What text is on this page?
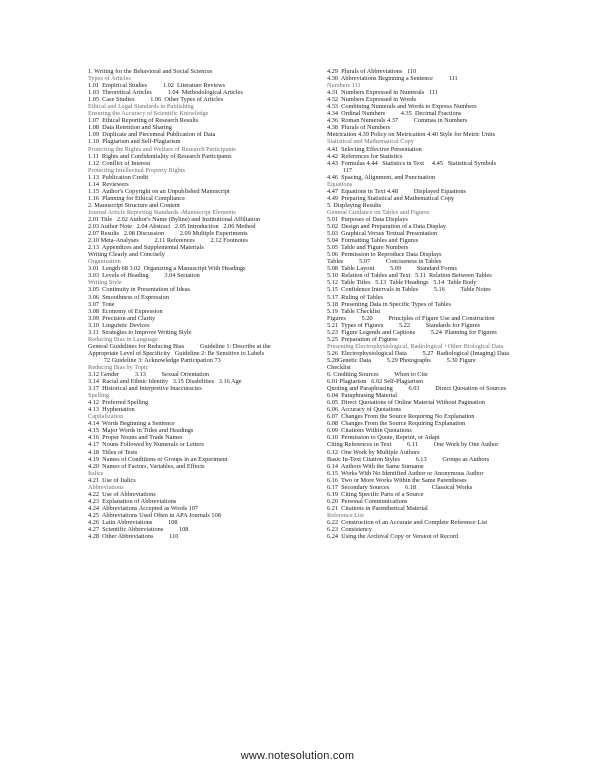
1. Writing for the Behavioral and Social Sciences
Types of Articles
1.01  Empirical Studies          1.02  Literature Reviews
1.03  Theoretical Articles          1.04  Methodological Articles
1.05  Case Studies          1.06  Other Types of Articles
Ethical and Legal Standards in Publishing
Ensuring the Accuracy of Scientific Knowledge
1.07  Ethical Reporting of Research Results
1.08  Data Retention and Sharing
1.09  Duplicate and Piecemeal Publication of Data
1.10  Plagiarism and Self-Plagiarism
Protecting the Rights and Welfare of Research Participants
1.11  Rights and Confidentiality of Research Participants
1.12  Conflict of Interest
Protecting Intellectual Property Rights
1.13  Publication Credit
1.14  Reviewers
1.15  Author's Copyright on an Unpublished Manuscript
1.16  Planning for Ethical Compliance
2. Manuscript Structure and Content
Journal Article Reporting Standards -Manuscript Elements
2.01 Title   2.02 Author's Name (Byline) and Institutional Affiliation
2.03 Author Note   2.04 Abstract   2.05 Introduction   2.06 Method
2.07 Results   2.08 Discussion          2.09 Multiple Experiments
2.10 Meta-Analyses          2.11 References          2.12 Footnotes
2.13  Appendices and Supplemental Materials
Writing Clearly and Concisely
Organization
3.01  Length 68 3.02  Organizing a Manuscript With Headings
3.03  Levels of Heading          3.04 Seriation
Writing Style
3.05  Continuity in Presentation of Ideas
3.06  Smoothness of Expression
3.07  Tone
3.08  Economy of Expression
3.09  Precision and Clarity
3.10  Linguistic Devices
3.11  Strategies to Improve Writing Style
Reducing Bias in Language
General Guidelines for Reducing Bias          Guideline 1: Describe at the
Appropriate Level of Specificity   Guideline 2: Be Sensitive to Labels
72 Guideline 3: Acknowledge Participation 73
Reducing Bias by Topic
3.12 Gender          3.13          Sexual Orientation
3.14  Racial and Ethnic Identity   3.15 Disabilities   3.16 Age
3.17  Historical and Interpretive Inaccuracies
Spelling
4.12  Preferred Spelling
4.13  Hyphenation
Capitalization
4.14  Words Beginning a Sentence
4.15  Major Words in Titles and Headings
4.16  Proper Nouns and Trade Names
4.17  Nouns Followed by Numerals or Letters
4.18  Titles of Tests
4.19  Names of Conditions or Groups in an Experiment
4.20  Names of Factors, Variables, and Effects
Italics
4.21  Use of Italics
Abbreviations
4.22  Use of Abbreviations
4.23  Explanation of Abbreviations
4.24  Abbreviations Accepted as Words 107
4.25  Abbreviations Used Often in APA Journals 108
4.26  Latin Abbreviations          108
4.27  Scientific Abbreviations          108
4.28  Other Abbreviations          110
4.29  Plurals of Abbreviations   110
4.30  Abbreviations Beginning a Sentence          111
Numbers 111
4.31  Numbers Expressed in Numerals   111
4.32  Numbers Expressed in Words
4.33  Combining Numerals and Words to Express Numbers
4.34  Ordinal Numbers          4.35  Decimal Fractions
4.36  Roman Numerals 4.37          Commas in Numbers
4.38  Plurals of Numbers
Metrication 4.39 Policy on Metrication 4.40 Style for Metric Units
Statistical and Mathematical Copy
4.41  Selecting Effective Presentation
4.42  References for Statistics
4.43  Formulas 4.44   Statistics in Text     4.45   Statistical Symbols
117
4.46  Spacing, Alignment, and Punctuation
Equations
4.47  Equations in Text 4.48          Displayed Equations
4.49  Preparing Statistical and Mathematical Copy
5. Displaying Results
General Guidance on Tables and Figures
5.01  Purposes of Data Displays
5.02  Design and Preparation of a Data Display
5.03  Graphical Versus Textual Presentation
5.04  Formatting Tables and Figures
5.05  Table and Figure Numbers
5.06  Permission to Reproduce Data Displays
Tables          5.07          Conciseness in Tables
5.08  Table Layout          5.09          Standard Forms
5.10  Relation of Tables and Text   5.11  Relation Between Tables
5.12  Table Titles   5.13  Table Headings   5.14  Table Body
5.15  Confidence Intervals in Tables          5.16          Table Notes
5.17  Ruling of Tables
5.18  Presenting Data in Specific Types of Tables
5.19  Table Checklist
Figures          5.20          Principles of Figure Use and Construction
5.21  Types of Figures          5.22          Standards for Figures
5.23  Figure Legends and Captions          5.24  Planning for Figures
5.25  Preparation of Figures
Presenting Electrophysiological, Radiological +Other Biological Data
5.26  Electrophysiological Data          5.27  Radiological (Imaging) Data
5.28Genetic Data          5.29 Photographs          5.30 Figure
Checklist
6. Crediting Sources          When to Cite
6.01 Plagiarism   6.02 Self-Plagiarism
Quoting and Paraphrasing          6.03          Direct Quotation of Sources
6.04  Paraphrasing Material
6.05  Direct Quotations of Online Material Without Pagination
6.06  Accuracy of Quotations
6.07  Changes From the Source Requiring No Explanation
6.08  Changes From the Source Requiring Explanation
6.09  Citations Within Quotations
6.10  Permission to Quote, Reprint, or Adapt
Citing References in Text          6.11          One Work by One Author
6.12  One Work by Multiple Authors
Basic In-Text Citation Styles          6.13          Groups as Authors
6.14  Authors With the Same Surname
6.15  Works With No Identified Author or Anonymous Author
6.16  Two or More Works Within the Same Parentheses
6.17  Secondary Sources          6.18          Classical Works
6.19  Citing Specific Parts of a Source
6.20  Personal Communications
6.21  Citations in Parenthetical Material
Reference List
6.22  Construction of an Accurate and Complete Reference List
6.23  Consistency
6.24  Using the Archival Copy or Version of Record
www.notesolution.com
